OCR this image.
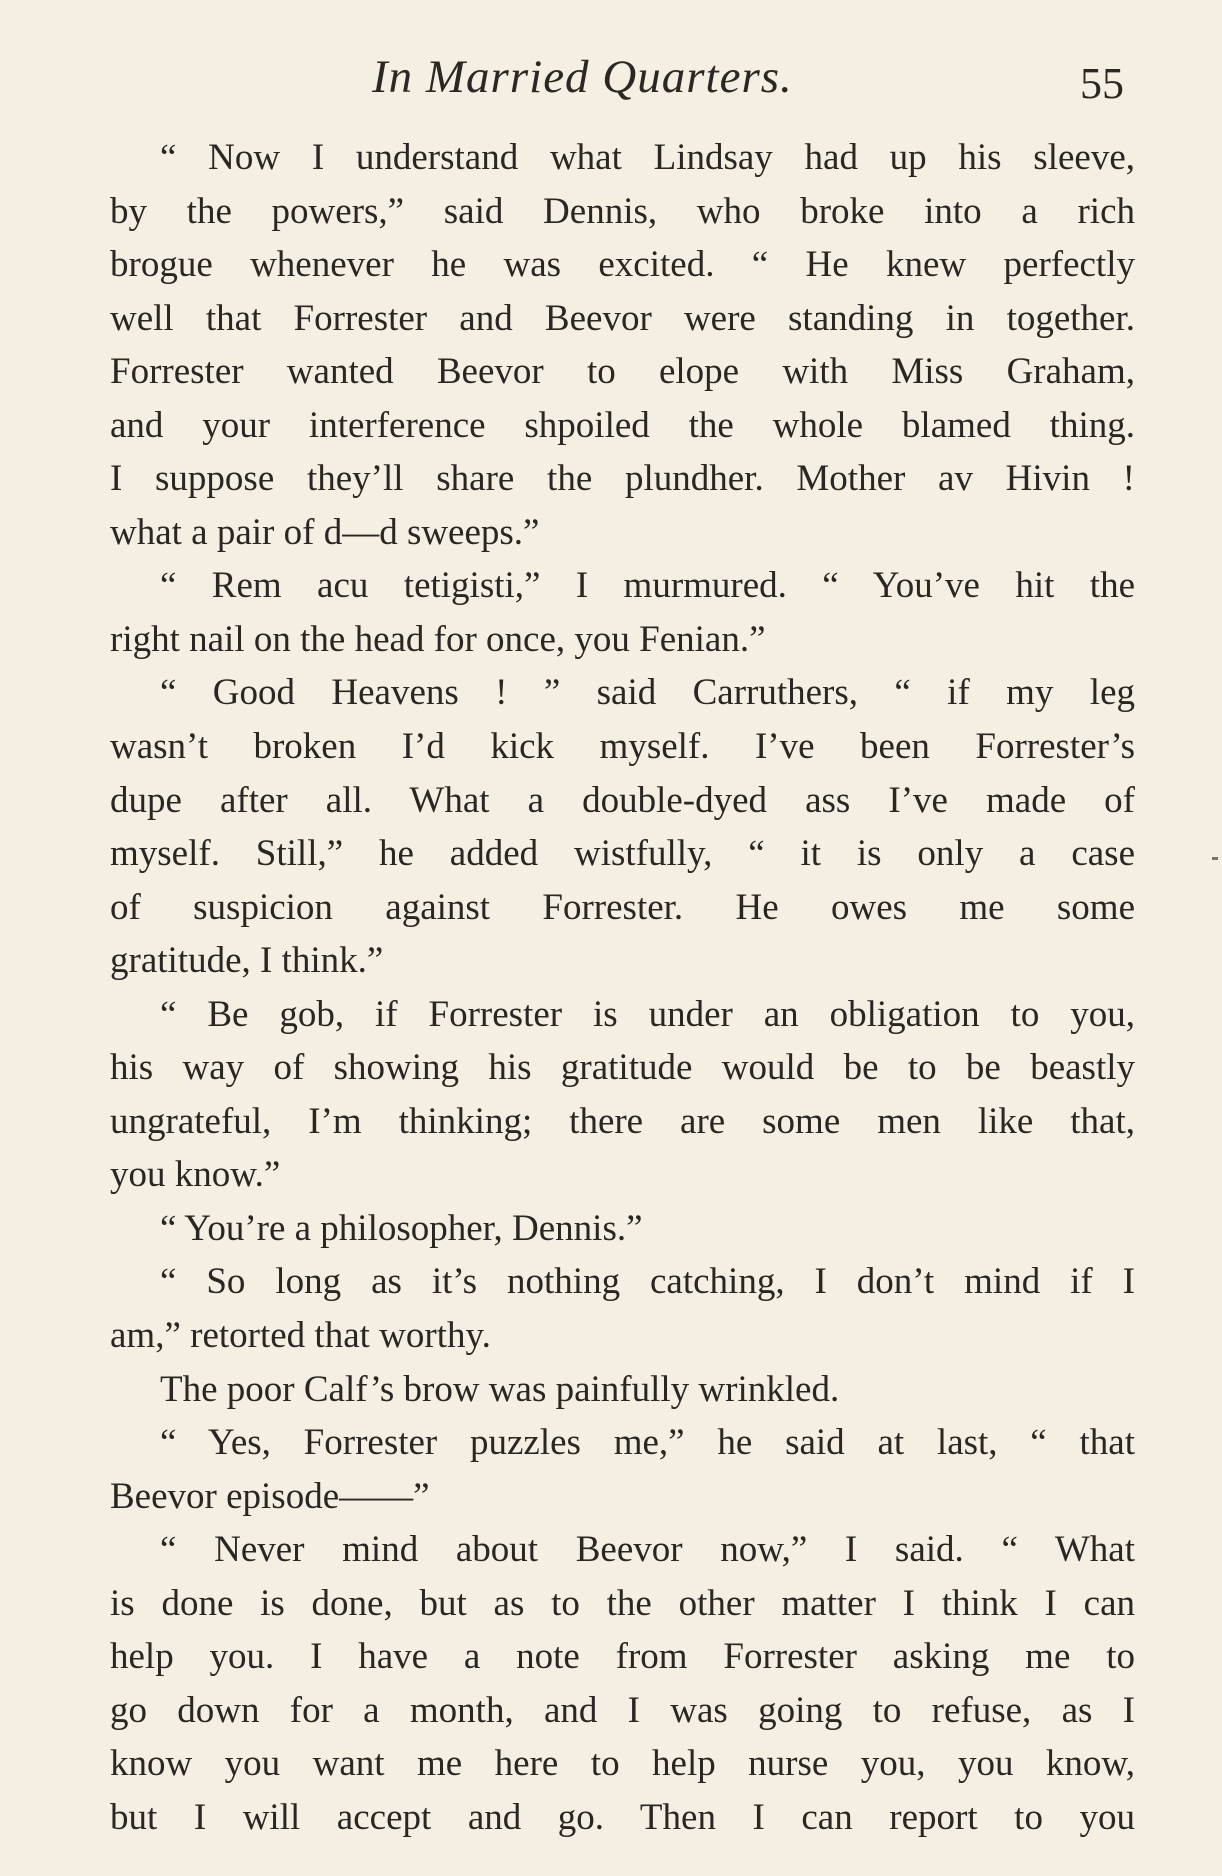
In Married Quarters.	55
“ Now I understand what Lindsay had up his sleeve,
by the powers,” said Dennis, who broke into a rich
brogue whenever he was excited. “ He knew perfectly
well that Forrester and Beevor were standing in together.
Forrester wanted Beevor to elope with Miss Graham,
and your interference shpoiled the whole blamed thing.
I suppose they’ll share the plundher. Mother av Hivin !
what a pair of d—d sweeps.”
“ Rem acu tetigisti,” I murmured. “ You’ve hit the
right nail on the head for once, you Fenian.”
“ Good Heavens ! ” said Carruthers, “ if my leg
wasn’t broken I’d kick myself. I’ve been Forrester’s
dupe after all. What a double-dyed ass I’ve made of
myself. Still,” he added wistfully, “ it is only a case
of suspicion against Forrester. He owes me some
gratitude, I think.”
“ Be gob, if Forrester is under an obligation to you,
his way of showing his gratitude would be to be beastly
ungrateful, I’m thinking; there are some men like that,
you know.”
“ You’re a philosopher, Dennis.”
“ So long as it’s nothing catching, I don’t mind if I
am,” retorted that worthy.
The poor Calf’s brow was painfully wrinkled.
“ Yes, Forrester puzzles me,” he said at last, “ that
Beevor episode——”
“ Never mind about Beevor now,” I said. “ What
is done is done, but as to the other matter I think I can
help you. I have a note from Forrester asking me to
go down for a month, and I was going to refuse, as I
know you want me here to help nurse you, you know,
but I will accept and go. Then I can report to you
